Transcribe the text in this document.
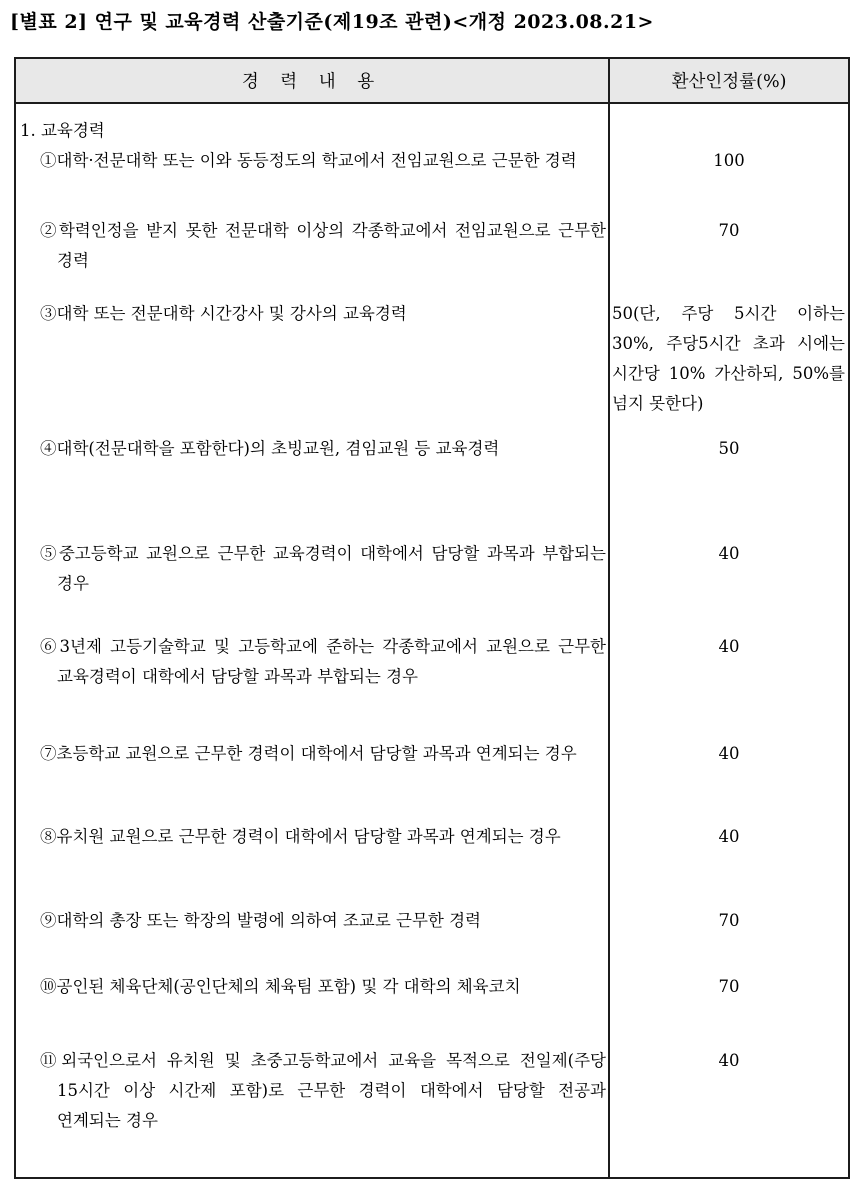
[별표 2] 연구 및 교육경력 산출기준(제19조 관련)<개정 2023.08.21>
경 력 내 용	환산인정률(%)

1. 교육경력	

①대학·전문대학 또는 이와 동등정도의 학교에서 전임교원으로 근문한 경력	100

②학력인정을 받지 못한 전문대학 이상의 각종학교에서 전임교원으로 근무한 경력	70

③대학 또는 전문대학 시간강사 및 강사의 교육경력	50(단, 주당 5시간 이하는 30%, 주당5시간 초과 시에는 시간당 10% 가산하되, 50%를 넘지 못한다)

④대학(전문대학을 포함한다)의 초빙교원, 겸임교원 등 교육경력	50

⑤중고등학교 교원으로 근무한 교육경력이 대학에서 담당할 과목과 부합되는 경우	40

⑥3년제 고등기술학교 및 고등학교에 준하는 각종학교에서 교원으로 근무한 교육경력이 대학에서 담당할 과목과 부합되는 경우	40

⑦초등학교 교원으로 근무한 경력이 대학에서 담당할 과목과 연계되는 경우	40

⑧유치원 교원으로 근무한 경력이 대학에서 담당할 과목과 연계되는 경우	40

⑨대학의 총장 또는 학장의 발령에 의하여 조교로 근무한 경력	70

⑩공인된 체육단체(공인단체의 체육팀 포함) 및 각 대학의 체육코치	70

⑪외국인으로서 유치원 및 초중고등학교에서 교육을 목적으로 전일제(주당 15시간 이상 시간제 포함)로 근무한 경력이 대학에서 담당할 전공과 연계되는 경우	40
